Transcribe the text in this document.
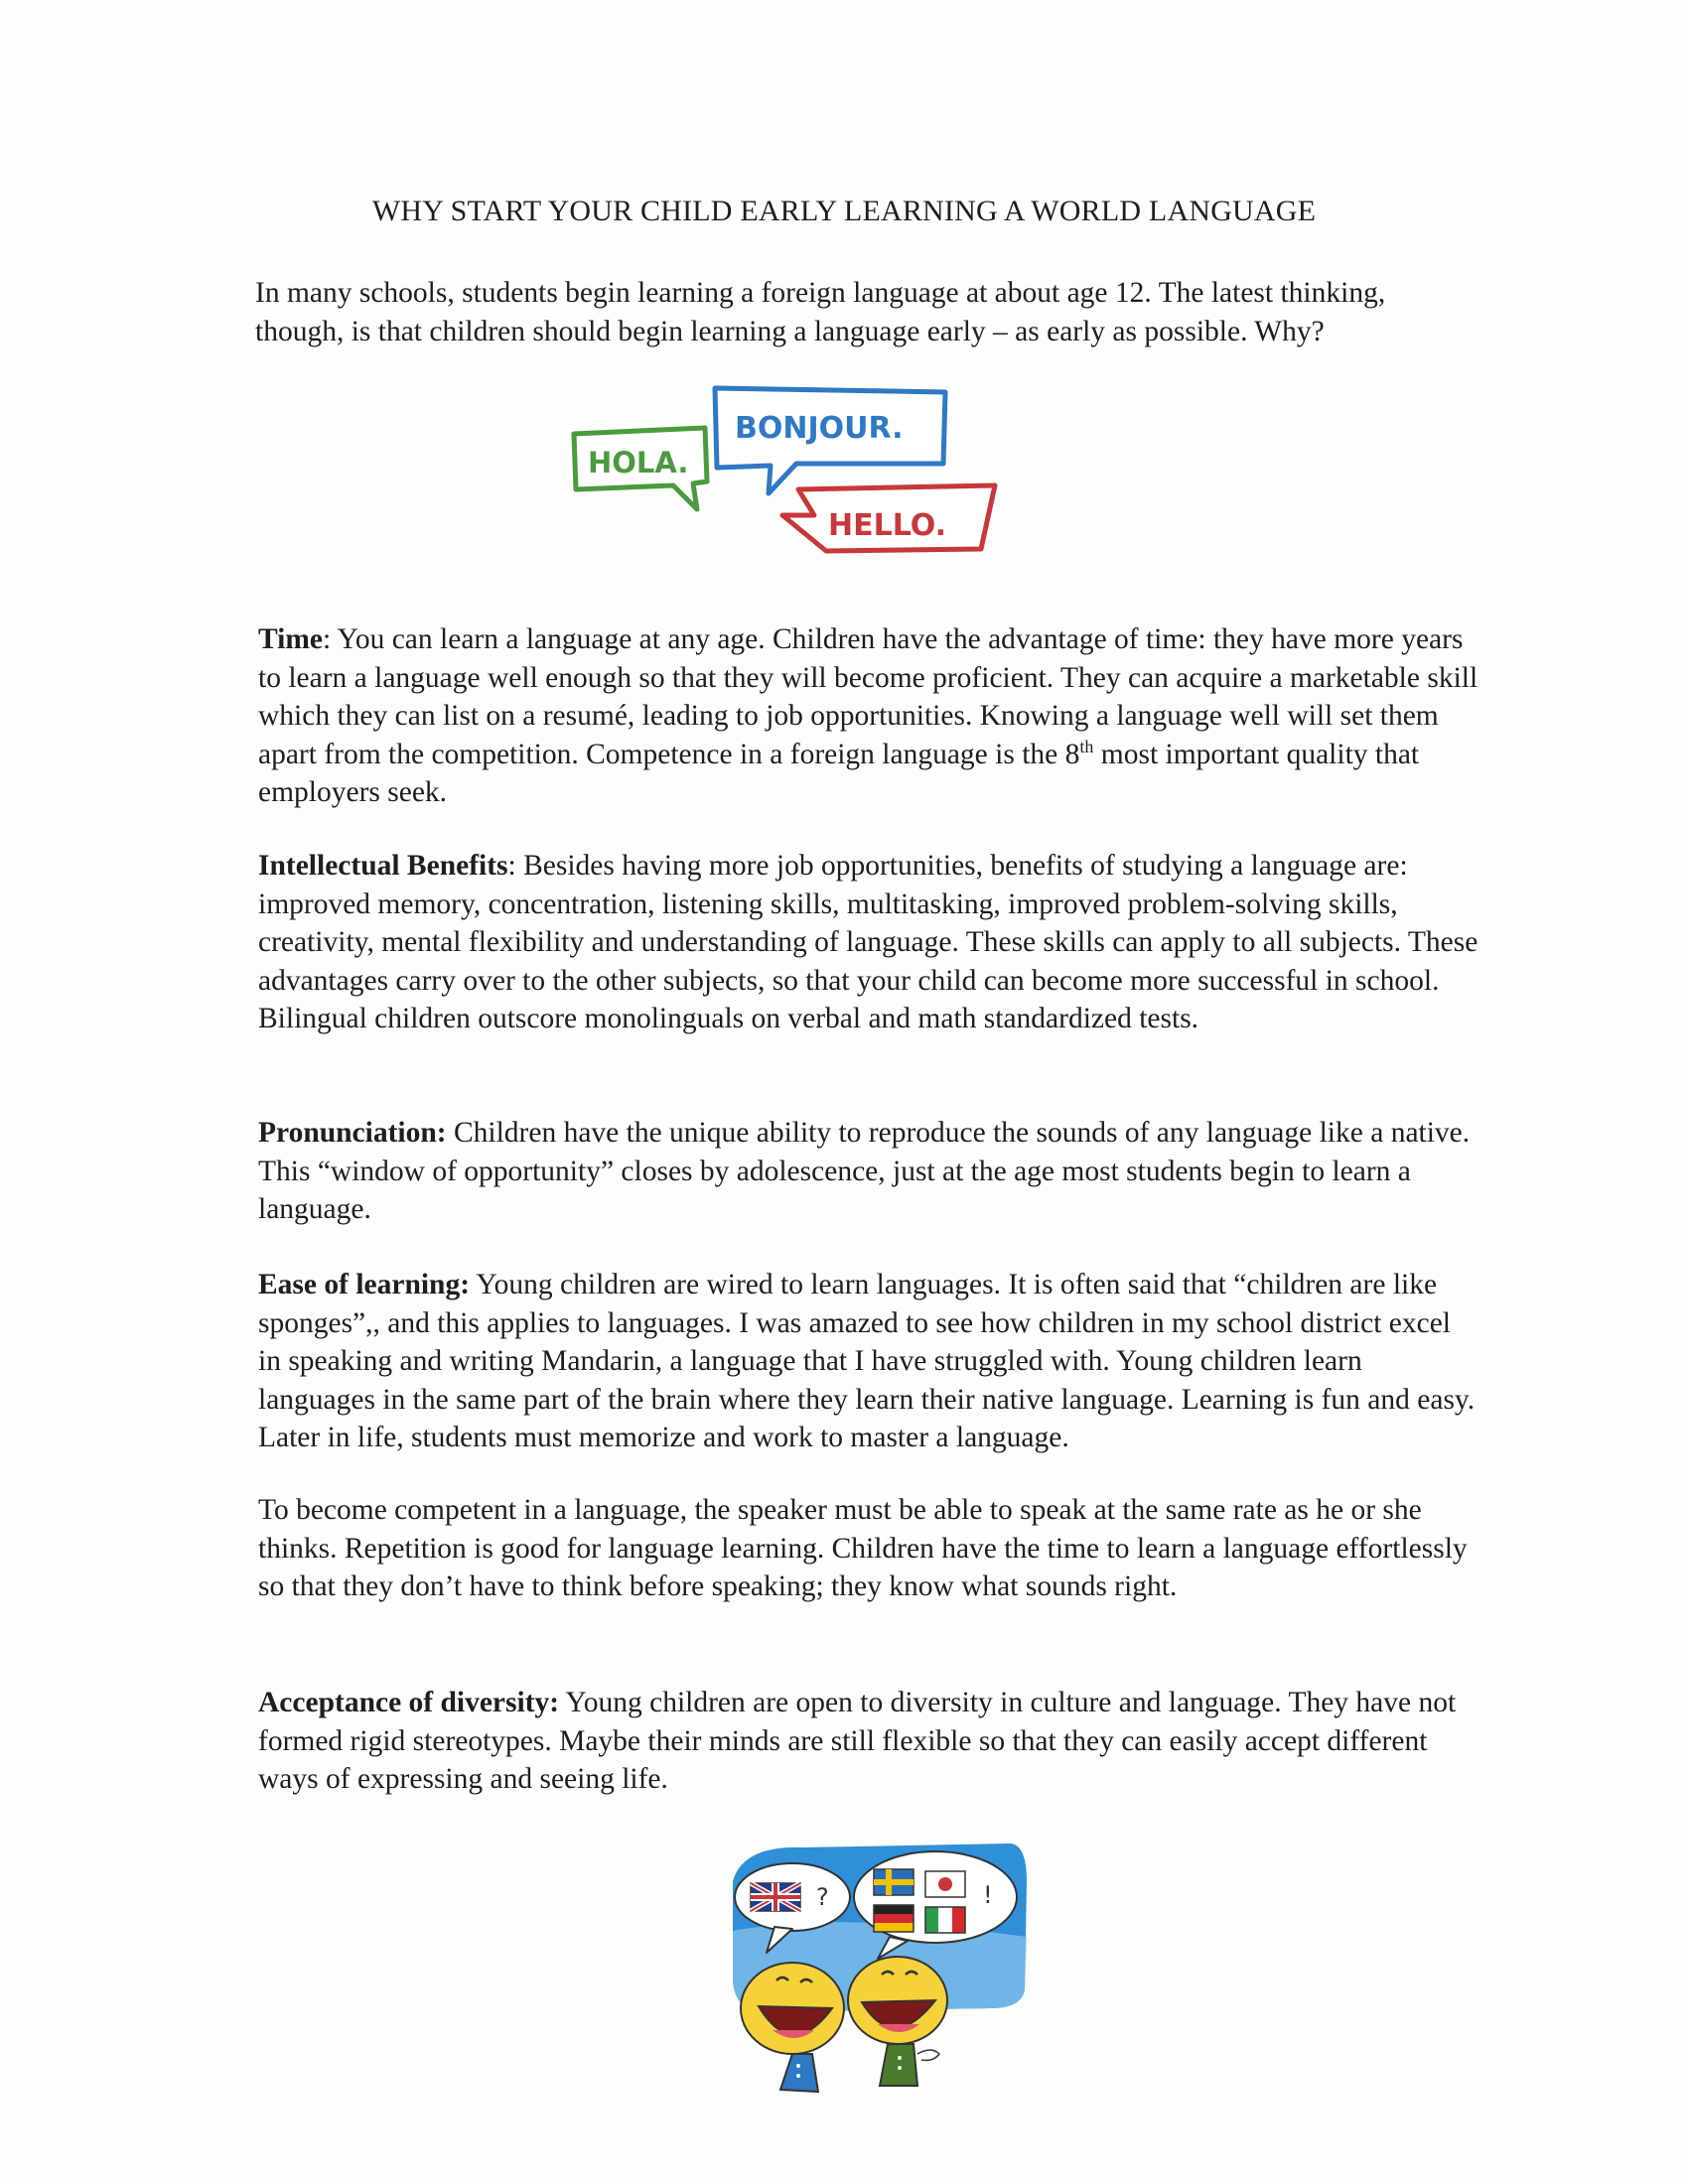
WHY START YOUR CHILD EARLY LEARNING A WORLD LANGUAGE
In many schools, students begin learning a foreign language at about age 12. The latest thinking, though, is that children should begin learning a language early – as early as possible. Why?
HOLA.
BONJOUR.
HELLO.
Time: You can learn a language at any age. Children have the advantage of time: they have more years to learn a language well enough so that they will become proficient. They can acquire a marketable skill which they can list on a resumé, leading to job opportunities. Knowing a language well will set them apart from the competition. Competence in a foreign language is the 8th most important quality that employers seek.
Intellectual Benefits: Besides having more job opportunities, benefits of studying a language are: improved memory, concentration, listening skills, multitasking, improved problem-solving skills, creativity, mental flexibility and understanding of language. These skills can apply to all subjects. These advantages carry over to the other subjects, so that your child can become more successful in school. Bilingual children outscore monolinguals on verbal and math standardized tests.
Pronunciation: Children have the unique ability to reproduce the sounds of any language like a native. This “window of opportunity” closes by adolescence, just at the age most students begin to learn a language.
Ease of learning: Young children are wired to learn languages. It is often said that “children are like sponges”,, and this applies to languages. I was amazed to see how children in my school district excel in speaking and writing Mandarin, a language that I have struggled with. Young children learn languages in the same part of the brain where they learn their native language. Learning is fun and easy. Later in life, students must memorize and work to master a language.
To become competent in a language, the speaker must be able to speak at the same rate as he or she thinks. Repetition is good for language learning. Children have the time to learn a language effortlessly so that they don’t have to think before speaking; they know what sounds right.
Acceptance of diversity: Young children are open to diversity in culture and language. They have not formed rigid stereotypes. Maybe their minds are still flexible so that they can easily accept different ways of expressing and seeing life.
?	!
